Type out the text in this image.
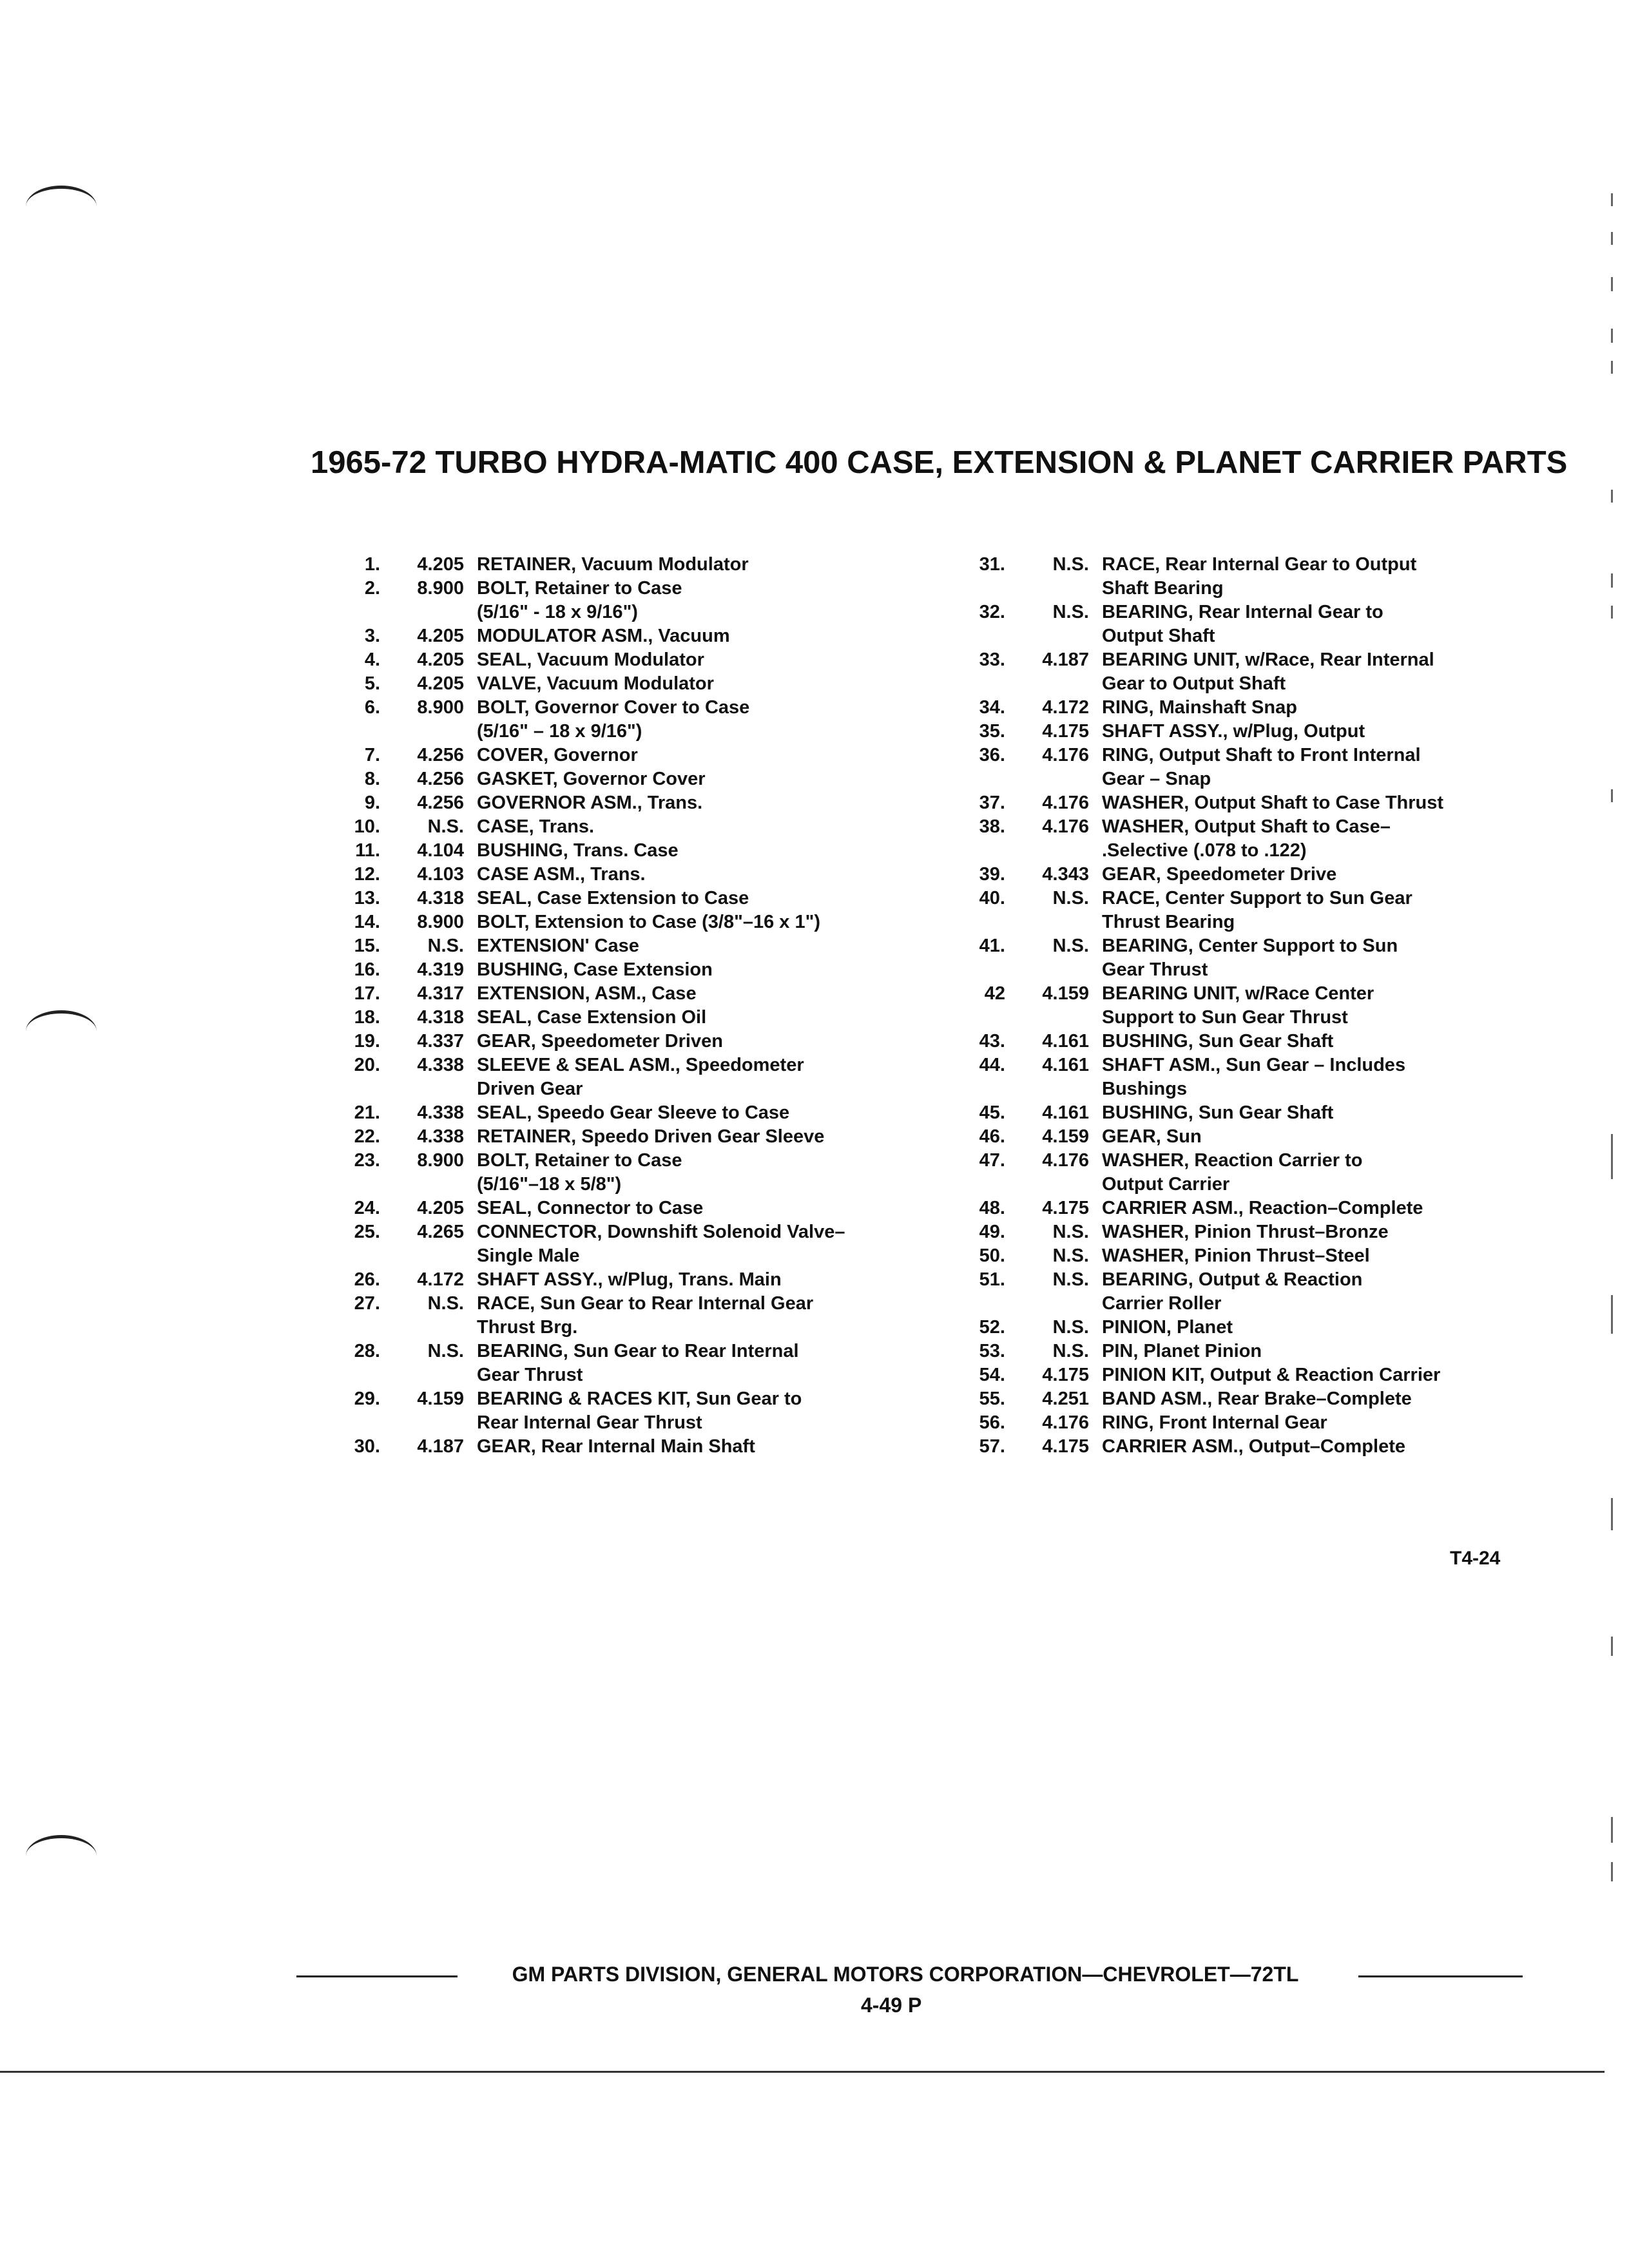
1965-72 TURBO HYDRA-MATIC 400 CASE, EXTENSION & PLANET CARRIER PARTS
1.	4.205 RETAINER, Vacuum Modulator
2.	8.900 BOLT, Retainer to Case
(5/16" - 18 x 9/16")
3.	4.205 MODULATOR ASM., Vacuum
4.	4.205 SEAL, Vacuum Modulator
5.	4.205 VALVE, Vacuum Modulator
6.	8.900 BOLT, Governor Cover to Case
(5/16" – 18 x 9/16")
7.	4.256 COVER, Governor
8.	4.256 GASKET, Governor Cover
9.	4.256 GOVERNOR ASM., Trans.
10.	N.S. CASE, Trans.
11.	4.104 BUSHING, Trans. Case
12.	4.103 CASE ASM., Trans.
13.	4.318 SEAL, Case Extension to Case
14.	8.900 BOLT, Extension to Case (3/8"–16 x 1")
15.	N.S. EXTENSION' Case
16.	4.319 BUSHING, Case Extension
17.	4.317 EXTENSION, ASM., Case
18.	4.318 SEAL, Case Extension Oil
19.	4.337 GEAR, Speedometer Driven
20.	4.338 SLEEVE & SEAL ASM., Speedometer
Driven Gear
21.	4.338 SEAL, Speedo Gear Sleeve to Case
22.	4.338 RETAINER, Speedo Driven Gear Sleeve
23.	8.900 BOLT, Retainer to Case
(5/16"–18 x 5/8")
24.	4.205 SEAL, Connector to Case
25.	4.265 CONNECTOR, Downshift Solenoid Valve–
Single Male
26.	4.172 SHAFT ASSY., w/Plug, Trans. Main
27.	N.S. RACE, Sun Gear to Rear Internal Gear
Thrust Brg.
28.	N.S. BEARING, Sun Gear to Rear Internal
Gear Thrust
29.	4.159 BEARING & RACES KIT, Sun Gear to
Rear Internal Gear Thrust
30.	4.187 GEAR, Rear Internal Main Shaft
31.	N.S. RACE, Rear Internal Gear to Output
Shaft Bearing
32.	N.S. BEARING, Rear Internal Gear to
Output Shaft
33.	4.187 BEARING UNIT, w/Race, Rear Internal
Gear to Output Shaft
34.	4.172 RING, Mainshaft Snap
35.	4.175 SHAFT ASSY., w/Plug, Output
36.	4.176 RING, Output Shaft to Front Internal
Gear – Snap
37.	4.176 WASHER, Output Shaft to Case Thrust
38.	4.176 WASHER, Output Shaft to Case–
.Selective (.078 to .122)
39.	4.343 GEAR, Speedometer Drive
40.	N.S. RACE, Center Support to Sun Gear
Thrust Bearing
41.	N.S. BEARING, Center Support to Sun
Gear Thrust
42	4.159 BEARING UNIT, w/Race Center
Support to Sun Gear Thrust
43.	4.161 BUSHING, Sun Gear Shaft
44.	4.161 SHAFT ASM., Sun Gear – Includes
Bushings
45.	4.161 BUSHING, Sun Gear Shaft
46.	4.159 GEAR, Sun
47.	4.176 WASHER, Reaction Carrier to
Output Carrier
48.	4.175 CARRIER ASM., Reaction–Complete
49.	N.S. WASHER, Pinion Thrust–Bronze
50.	N.S. WASHER, Pinion Thrust–Steel
51.	N.S. BEARING, Output & Reaction
Carrier Roller
52.	N.S. PINION, Planet
53.	N.S. PIN, Planet Pinion
54.	4.175 PINION KIT, Output & Reaction Carrier
55.	4.251 BAND ASM., Rear Brake–Complete
56.	4.176 RING, Front Internal Gear
57.	4.175 CARRIER ASM., Output–Complete
T4-24
GM PARTS DIVISION, GENERAL MOTORS CORPORATION—CHEVROLET—72TL
4-49 P
